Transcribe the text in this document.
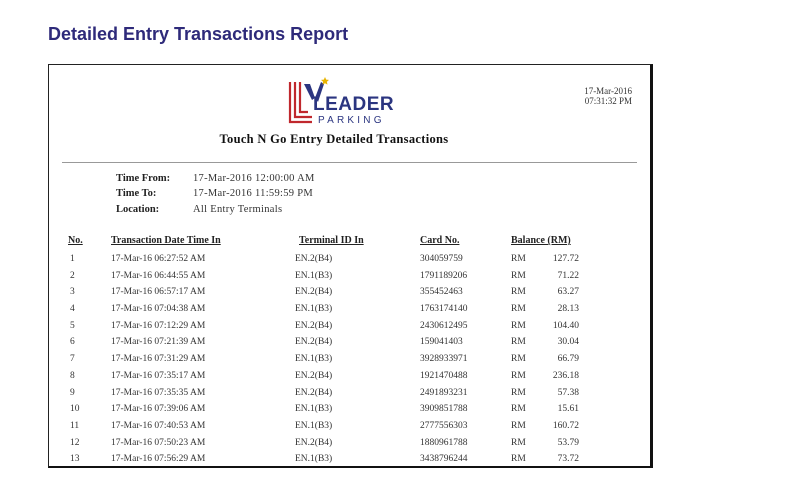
Detailed Entry Transactions Report
LEADER
PARKING
17-Mar-2016
07:31:32 PM
Touch N Go Entry Detailed Transactions
Time From: 17-Mar-2016 12:00:00 AM
Time To:	17-Mar-2016 11:59:59 PM
Location:	All Entry Terminals
No.	Transaction Date Time In	Terminal ID In	Card No.	Balance (RM)
1	17-Mar-16 06:27:52 AM	EN.2(B4)	304059759	RM	127.72
2	17-Mar-16 06:44:55 AM	EN.1(B3)	1791189206	RM	71.22
3	17-Mar-16 06:57:17 AM	EN.2(B4)	355452463	RM	63.27
4	17-Mar-16 07:04:38 AM	EN.1(B3)	1763174140	RM	28.13
5	17-Mar-16 07:12:29 AM	EN.2(B4)	2430612495	RM	104.40
6	17-Mar-16 07:21:39 AM	EN.2(B4)	159041403	RM	30.04
7	17-Mar-16 07:31:29 AM	EN.1(B3)	3928933971	RM	66.79
8	17-Mar-16 07:35:17 AM	EN.2(B4)	1921470488	RM	236.18
9	17-Mar-16 07:35:35 AM	EN.2(B4)	2491893231	RM	57.38
10	17-Mar-16 07:39:06 AM	EN.1(B3)	3909851788	RM	15.61
11	17-Mar-16 07:40:53 AM	EN.1(B3)	2777556303	RM	160.72
12	17-Mar-16 07:50:23 AM	EN.2(B4)	1880961788	RM	53.79
13	17-Mar-16 07:56:29 AM	EN.1(B3)	3438796244	RM	73.72
